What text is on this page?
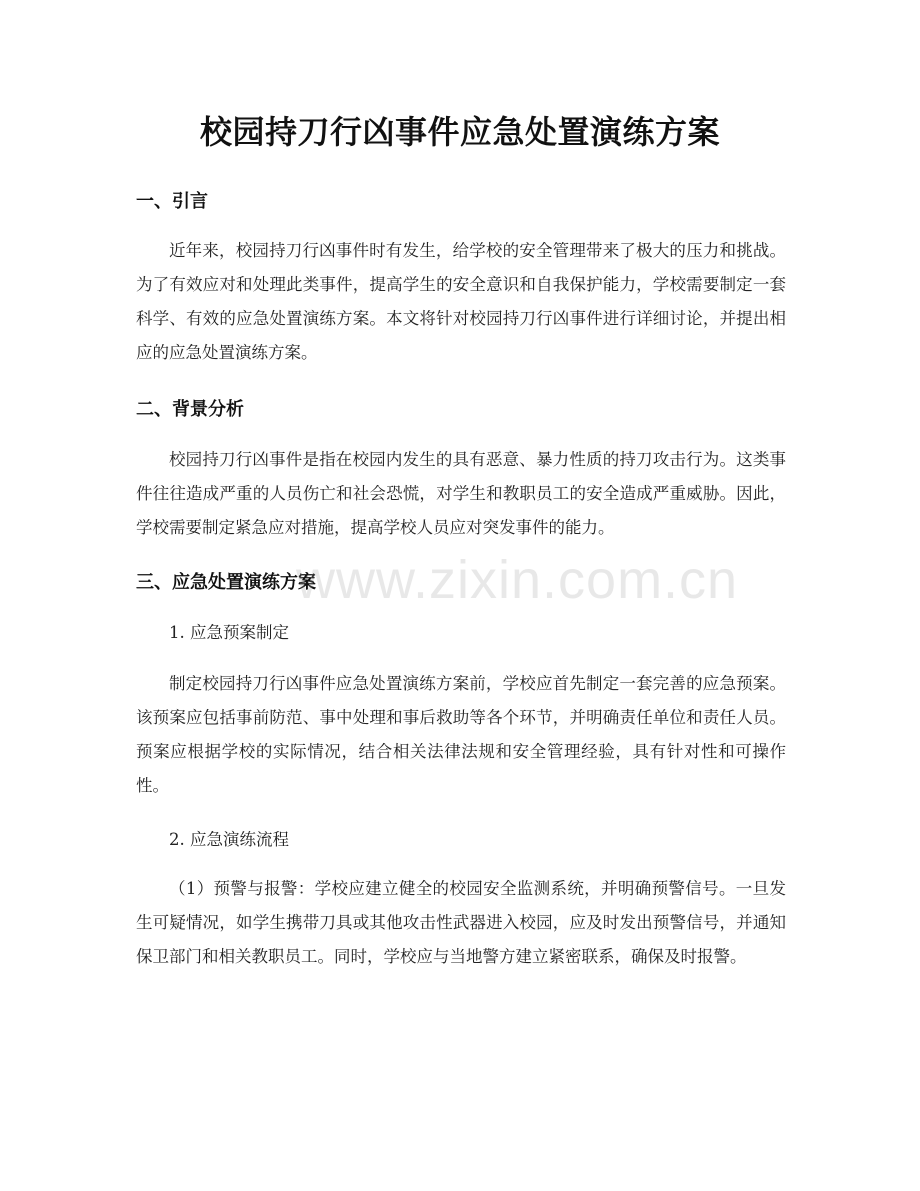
校园持刀行凶事件应急处置演练方案
一、引言

近年来，校园持刀行凶事件时有发生，给学校的安全管理带来了极大的压力和挑战。为了有效应对和处理此类事件，提高学生的安全意识和自我保护能力，学校需要制定一套科学、有效的应急处置演练方案。本文将针对校园持刀行凶事件进行详细讨论，并提出相应的应急处置演练方案。

二、背景分析

校园持刀行凶事件是指在校园内发生的具有恶意、暴力性质的持刀攻击行为。这类事件往往造成严重的人员伤亡和社会恐慌，对学生和教职员工的安全造成严重威胁。因此，学校需要制定紧急应对措施，提高学校人员应对突发事件的能力。

三、应急处置演练方案
1. 应急预案制定

制定校园持刀行凶事件应急处置演练方案前，学校应首先制定一套完善的应急预案。该预案应包括事前防范、事中处理和事后救助等各个环节，并明确责任单位和责任人员。预案应根据学校的实际情况，结合相关法律法规和安全管理经验，具有针对性和可操作性。

2. 应急演练流程

（1）预警与报警：学校应建立健全的校园安全监测系统，并明确预警信号。一旦发生可疑情况，如学生携带刀具或其他攻击性武器进入校园，应及时发出预警信号，并通知保卫部门和相关教职员工。同时，学校应与当地警方建立紧密联系，确保及时报警。

www.zixin.com.cn
